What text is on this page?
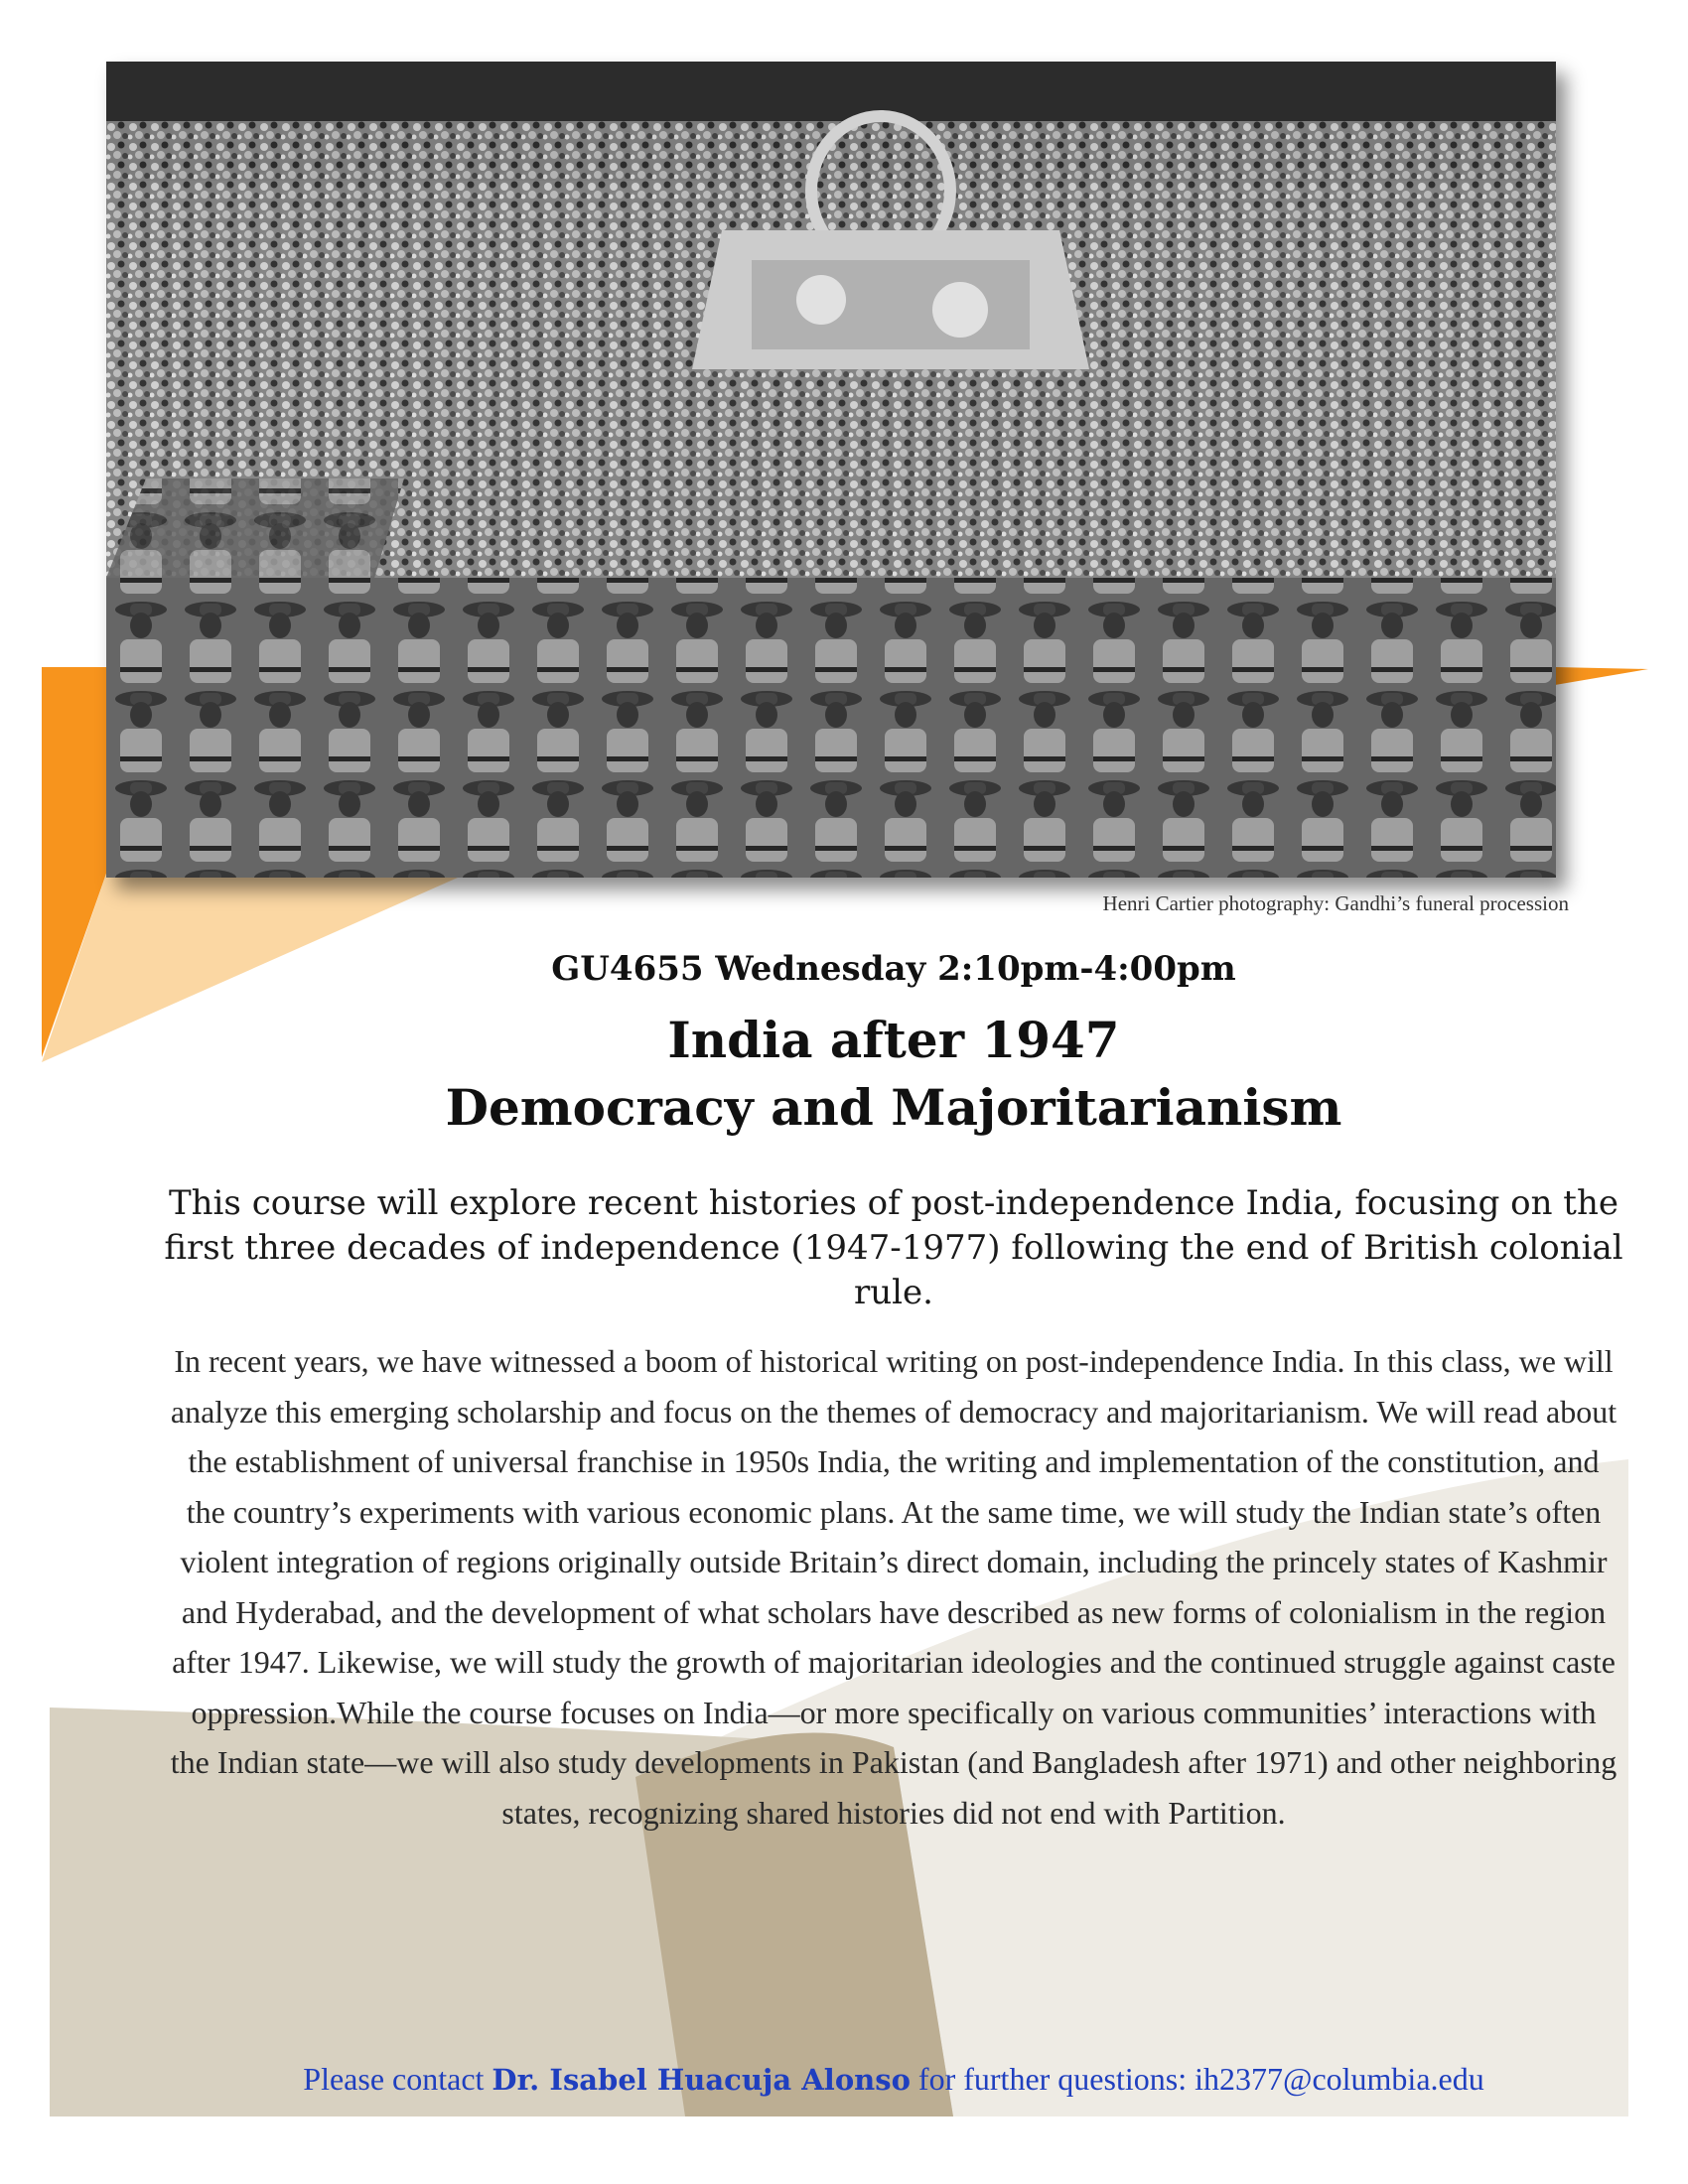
Henri Cartier photography: Gandhi’s funeral procession
GU4655 Wednesday 2:10pm-4:00pm
India after 1947
Democracy and Majoritarianism
This course will explore recent histories of post-independence India, focusing on the first three decades of independence (1947-1977) following the end of British colonial rule.
In recent years, we have witnessed a boom of historical writing on post-independence India. In this class, we will analyze this emerging scholarship and focus on the themes of democracy and majoritarianism. We will read about the establishment of universal franchise in 1950s India, the writing and implementation of the constitution, and the country’s experiments with various economic plans. At the same time, we will study the Indian state’s often violent integration of regions originally outside Britain’s direct domain, including the princely states of Kashmir and Hyderabad, and the development of what scholars have described as new forms of colonialism in the region after 1947. Likewise, we will study the growth of majoritarian ideologies and the continued struggle against caste oppression.While the course focuses on India—or more specifically on various communities’ interactions with the Indian state—we will also study developments in Pakistan (and Bangladesh after 1971) and other neighboring states, recognizing shared histories did not end with Partition.
Please contact Dr. Isabel Huacuja Alonso for further questions: ih2377@columbia.edu
